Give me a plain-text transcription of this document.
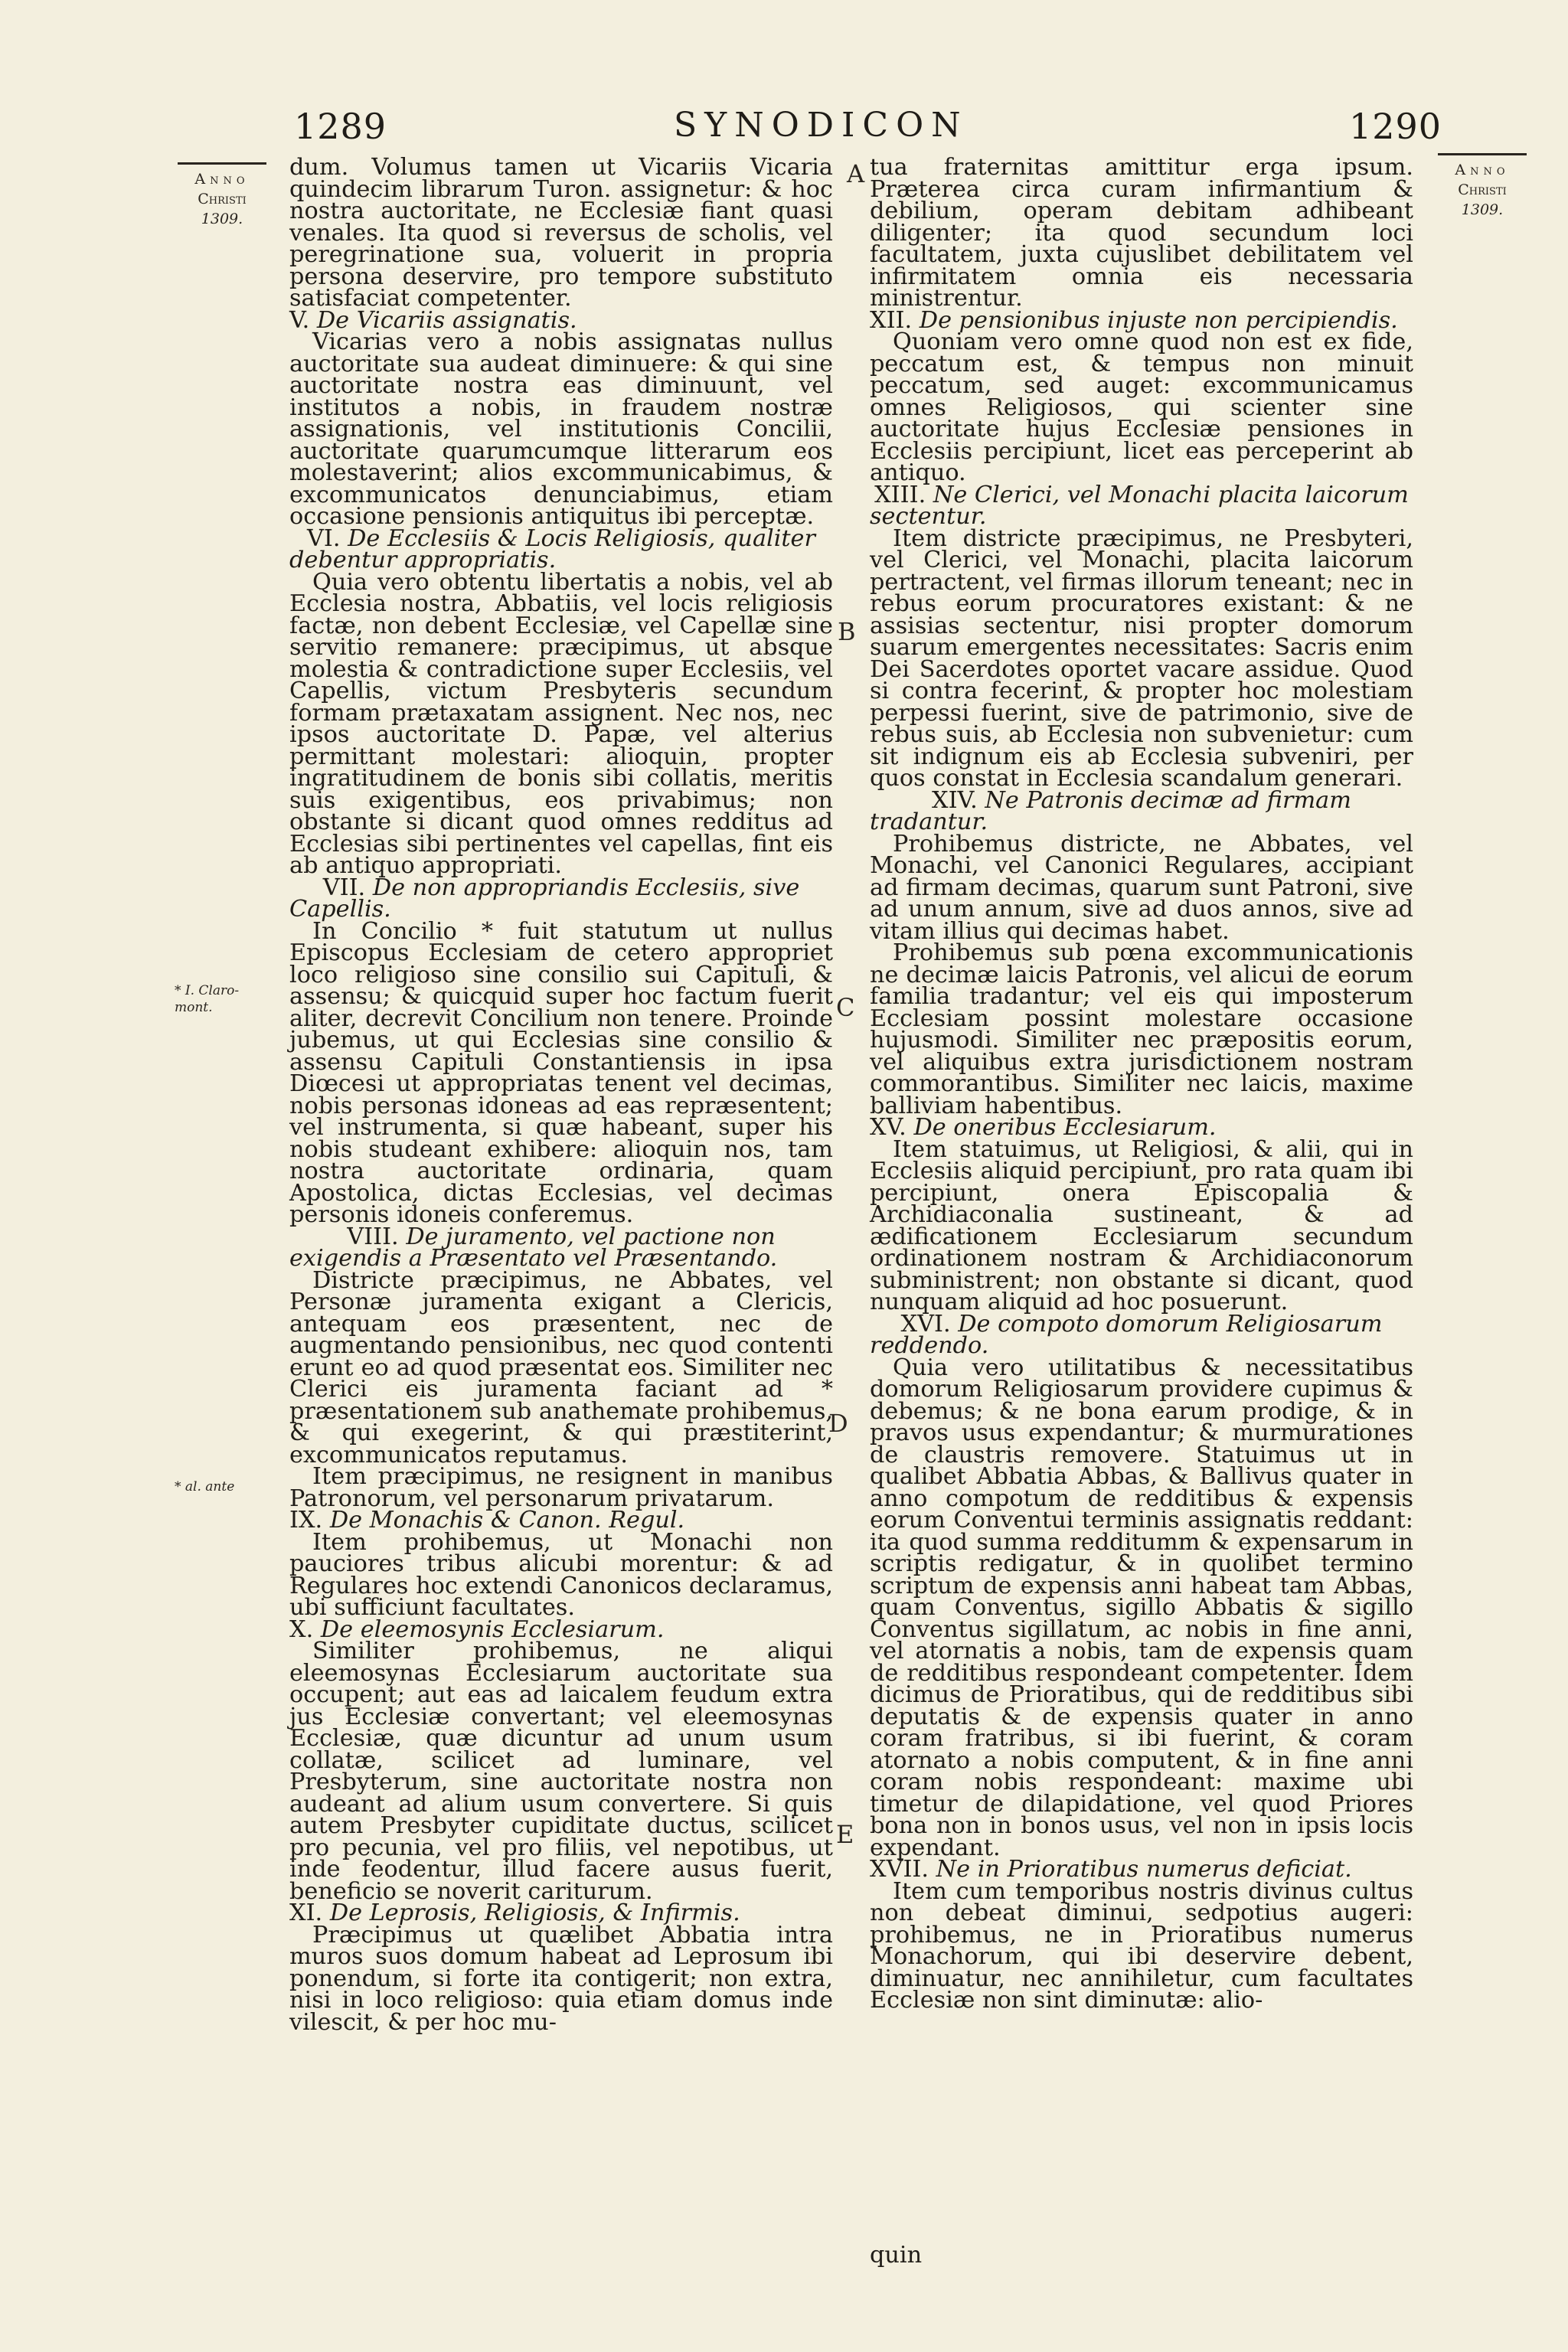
1289	SYNODICON	1290
Anno
Christi
1309.
* I. Claro-mont.
* al. ante
Anno
Christi
1309.
A
B
C
D
E

dum. Volumus tamen ut Vicariis Vicaria quindecim librarum Turon. assignetur: & hoc nostra auctoritate, ne Ecclesiæ fiant quasi venales. Ita quod si reversus de scholis, vel peregrinatione sua, voluerit in propria persona deservire, pro tempore substituto satisfaciat competenter.

V. De Vicariis assignatis.

Vicarias vero a nobis assignatas nullus auctoritate sua audeat diminuere: & qui sine auctoritate nostra eas diminuunt, vel institutos a nobis, in fraudem nostræ assignationis, vel institutionis Concilii, auctoritate quarumcumque litterarum eos molestaverint; alios excommunicabimus, & excommunicatos denunciabimus, etiam occasione pensionis antiquitus ibi perceptæ.

VI. De Ecclesiis & Locis Religiosis, qualiter debentur appropriatis.

Quia vero obtentu libertatis a nobis, vel ab Ecclesia nostra, Abbatiis, vel locis religiosis factæ, non debent Ecclesiæ, vel Capellæ sine servitio remanere: præcipimus, ut absque molestia & contradictione super Ecclesiis, vel Capellis, victum Presbyteris secundum formam prætaxatam assignent. Nec nos, nec ipsos auctoritate D. Papæ, vel alterius permittant molestari: alioquin, propter ingratitudinem de bonis sibi collatis, meritis suis exigentibus, eos privabimus; non obstante si dicant quod omnes redditus ad Ecclesias sibi pertinentes vel capellas, fint eis ab antiquo appropriati.

VII. De non appropriandis Ecclesiis, sive Capellis.

In Concilio * fuit statutum ut nullus Episcopus Ecclesiam de cetero appropriet loco religioso sine consilio sui Capituli, & assensu; & quicquid super hoc factum fuerit aliter, decrevit Concilium non tenere. Proinde jubemus, ut qui Ecclesias sine consilio & assensu Capituli Constantiensis in ipsa Diœcesi ut appropriatas tenent vel decimas, nobis personas idoneas ad eas repræsentent; vel instrumenta, si quæ habeant, super his nobis studeant exhibere: alioquin nos, tam nostra auctoritate ordinaria, quam Apostolica, dictas Ecclesias, vel decimas personis idoneis conferemus.

VIII. De juramento, vel pactione non exigendis a Præsentato vel Præsentando.

Districte præcipimus, ne Abbates, vel Personæ juramenta exigant a Clericis, antequam eos præsentent, nec de augmentando pensionibus, nec quod contenti erunt eo ad quod præsentat eos. Similiter nec Clerici eis juramenta faciant ad * præsentationem sub anathemate prohibemus, & qui exegerint, & qui præstiterint, excommunicatos reputamus.

Item præcipimus, ne resignent in manibus Patronorum, vel personarum privatarum.

IX. De Monachis & Canon. Regul.

Item prohibemus, ut Monachi non pauciores tribus alicubi morentur: & ad Regulares hoc extendi Canonicos declaramus, ubi sufficiunt facultates.

X. De eleemosynis Ecclesiarum.

Similiter prohibemus, ne aliqui eleemosynas Ecclesiarum auctoritate sua occupent; aut eas ad laicalem feudum extra jus Ecclesiæ convertant; vel eleemosynas Ecclesiæ, quæ dicuntur ad unum usum collatæ, scilicet ad luminare, vel Presbyterum, sine auctoritate nostra non audeant ad alium usum convertere. Si quis autem Presbyter cupiditate ductus, scilicet pro pecunia, vel pro filiis, vel nepotibus, ut inde feodentur, illud facere ausus fuerit, beneficio se noverit cariturum.

XI. De Leprosis, Religiosis, & Infirmis.

Præcipimus ut quælibet Abbatia intra muros suos domum habeat ad Leprosum ibi ponendum, si forte ita contigerit; non extra, nisi in loco religioso: quia etiam domus inde vilescit, & per hoc mu-

tua fraternitas amittitur erga ipsum. Præterea circa curam infirmantium & debilium, operam debitam adhibeant diligenter; ita quod secundum loci facultatem, juxta cujuslibet debilitatem vel infirmitatem omnia eis necessaria ministrentur.

XII. De pensionibus injuste non percipiendis.

Quoniam vero omne quod non est ex fide, peccatum est, & tempus non minuit peccatum, sed auget: excommunicamus omnes Religiosos, qui scienter sine auctoritate hujus Ecclesiæ pensiones in Ecclesiis percipiunt, licet eas perceperint ab antiquo.

XIII. Ne Clerici, vel Monachi placita laicorum sectentur.

Item districte præcipimus, ne Presbyteri, vel Clerici, vel Monachi, placita laicorum pertractent, vel firmas illorum teneant; nec in rebus eorum procuratores existant: & ne assisias sectentur, nisi propter domorum suarum emergentes necessitates: Sacris enim Dei Sacerdotes oportet vacare assidue. Quod si contra fecerint, & propter hoc molestiam perpessi fuerint, sive de patrimonio, sive de rebus suis, ab Ecclesia non subvenietur: cum sit indignum eis ab Ecclesia subveniri, per quos constat in Ecclesia scandalum generari.

XIV. Ne Patronis decimæ ad firmam tradantur.

Prohibemus districte, ne Abbates, vel Monachi, vel Canonici Regulares, accipiant ad firmam decimas, quarum sunt Patroni, sive ad unum annum, sive ad duos annos, sive ad vitam illius qui decimas habet.

Prohibemus sub pœna excommunicationis ne decimæ laicis Patronis, vel alicui de eorum familia tradantur; vel eis qui imposterum Ecclesiam possint molestare occasione hujusmodi. Similiter nec præpositis eorum, vel aliquibus extra jurisdictionem nostram commorantibus. Similiter nec laicis, maxime balliviam habentibus.

XV. De oneribus Ecclesiarum.

Item statuimus, ut Religiosi, & alii, qui in Ecclesiis aliquid percipiunt, pro rata quam ibi percipiunt, onera Episcopalia & Archidiaconalia sustineant, & ad ædificationem Ecclesiarum secundum ordinationem nostram & Archidiaconorum subministrent; non obstante si dicant, quod nunquam aliquid ad hoc posuerunt.

XVI. De compoto domorum Religiosarum reddendo.

Quia vero utilitatibus & necessitatibus domorum Religiosarum providere cupimus & debemus; & ne bona earum prodige, & in pravos usus expendantur; & murmurationes de claustris removere. Statuimus ut in qualibet Abbatia Abbas, & Ballivus quater in anno compotum de redditibus & expensis eorum Conventui terminis assignatis reddant: ita quod summa redditumm & expensarum in scriptis redigatur, & in quolibet termino scriptum de expensis anni habeat tam Abbas, quam Conventus, sigillo Abbatis & sigillo Conventus sigillatum, ac nobis in fine anni, vel atornatis a nobis, tam de expensis quam de redditibus respondeant competenter. Idem dicimus de Prioratibus, qui de redditibus sibi deputatis & de expensis quater in anno coram fratribus, si ibi fuerint, & coram atornato a nobis computent, & in fine anni coram nobis respondeant: maxime ubi timetur de dilapidatione, vel quod Priores bona non in bonos usus, vel non in ipsis locis expendant.

XVII. Ne in Prioratibus numerus deficiat.

Item cum temporibus nostris divinus cultus non debeat diminui, sedpotius augeri: prohibemus, ne in Prioratibus numerus Monachorum, qui ibi deservire debent, diminuatur, nec annihiletur, cum facultates Ecclesiæ non sint diminutæ: alio-

quin
